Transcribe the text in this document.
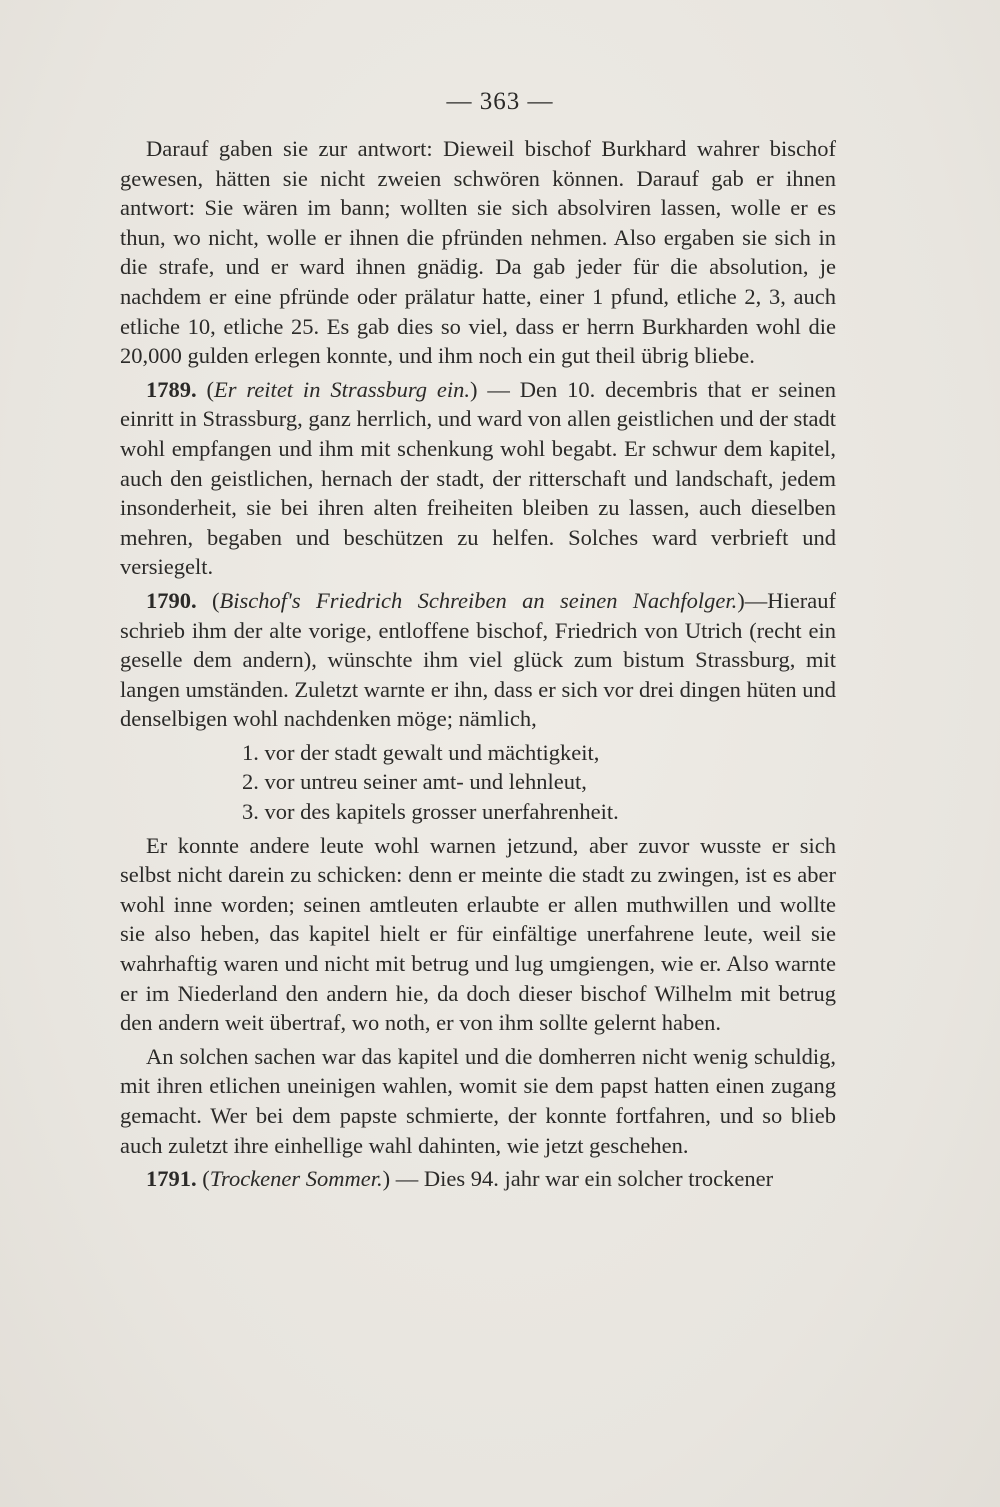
— 363 —

Darauf gaben sie zur antwort: Dieweil bischof Burkhard wahrer bischof gewesen, hätten sie nicht zweien schwören können. Darauf gab er ihnen antwort: Sie wären im bann; wollten sie sich absolviren lassen, wolle er es thun, wo nicht, wolle er ihnen die pfründen nehmen. Also ergaben sie sich in die strafe, und er ward ihnen gnädig. Da gab jeder für die absolution, je nachdem er eine pfründe oder prälatur hatte, einer 1 pfund, etliche 2, 3, auch etliche 10, etliche 25. Es gab dies so viel, dass er herrn Burkharden wohl die 20,000 gulden erlegen konnte, und ihm noch ein gut theil übrig bliebe.

1789. (Er reitet in Strassburg ein.) — Den 10. decembris that er seinen einritt in Strassburg, ganz herrlich, und ward von allen geistlichen und der stadt wohl empfangen und ihm mit schenkung wohl begabt. Er schwur dem kapitel, auch den geistlichen, hernach der stadt, der ritterschaft und landschaft, jedem insonderheit, sie bei ihren alten freiheiten bleiben zu lassen, auch dieselben mehren, begaben und beschützen zu helfen. Solches ward verbrieft und versiegelt.

1790. (Bischof's Friedrich Schreiben an seinen Nachfolger.)—Hierauf schrieb ihm der alte vorige, entloffene bischof, Friedrich von Utrich (recht ein geselle dem andern), wünschte ihm viel glück zum bistum Strassburg, mit langen umständen. Zuletzt warnte er ihn, dass er sich vor drei dingen hüten und denselbigen wohl nachdenken möge; nämlich,

1. vor der stadt gewalt und mächtigkeit,
2. vor untreu seiner amt- und lehnleut,
3. vor des kapitels grosser unerfahrenheit.

Er konnte andere leute wohl warnen jetzund, aber zuvor wusste er sich selbst nicht darein zu schicken: denn er meinte die stadt zu zwingen, ist es aber wohl inne worden; seinen amtleuten erlaubte er allen muthwillen und wollte sie also heben, das kapitel hielt er für einfältige unerfahrene leute, weil sie wahrhaftig waren und nicht mit betrug und lug umgiengen, wie er. Also warnte er im Niederland den andern hie, da doch dieser bischof Wilhelm mit betrug den andern weit übertraf, wo noth, er von ihm sollte gelernt haben.

An solchen sachen war das kapitel und die domherren nicht wenig schuldig, mit ihren etlichen uneinigen wahlen, womit sie dem papst hatten einen zugang gemacht. Wer bei dem papste schmierte, der konnte fortfahren, und so blieb auch zuletzt ihre einhellige wahl dahinten, wie jetzt geschehen.

1791. (Trockener Sommer.) — Dies 94. jahr war ein solcher trockener
